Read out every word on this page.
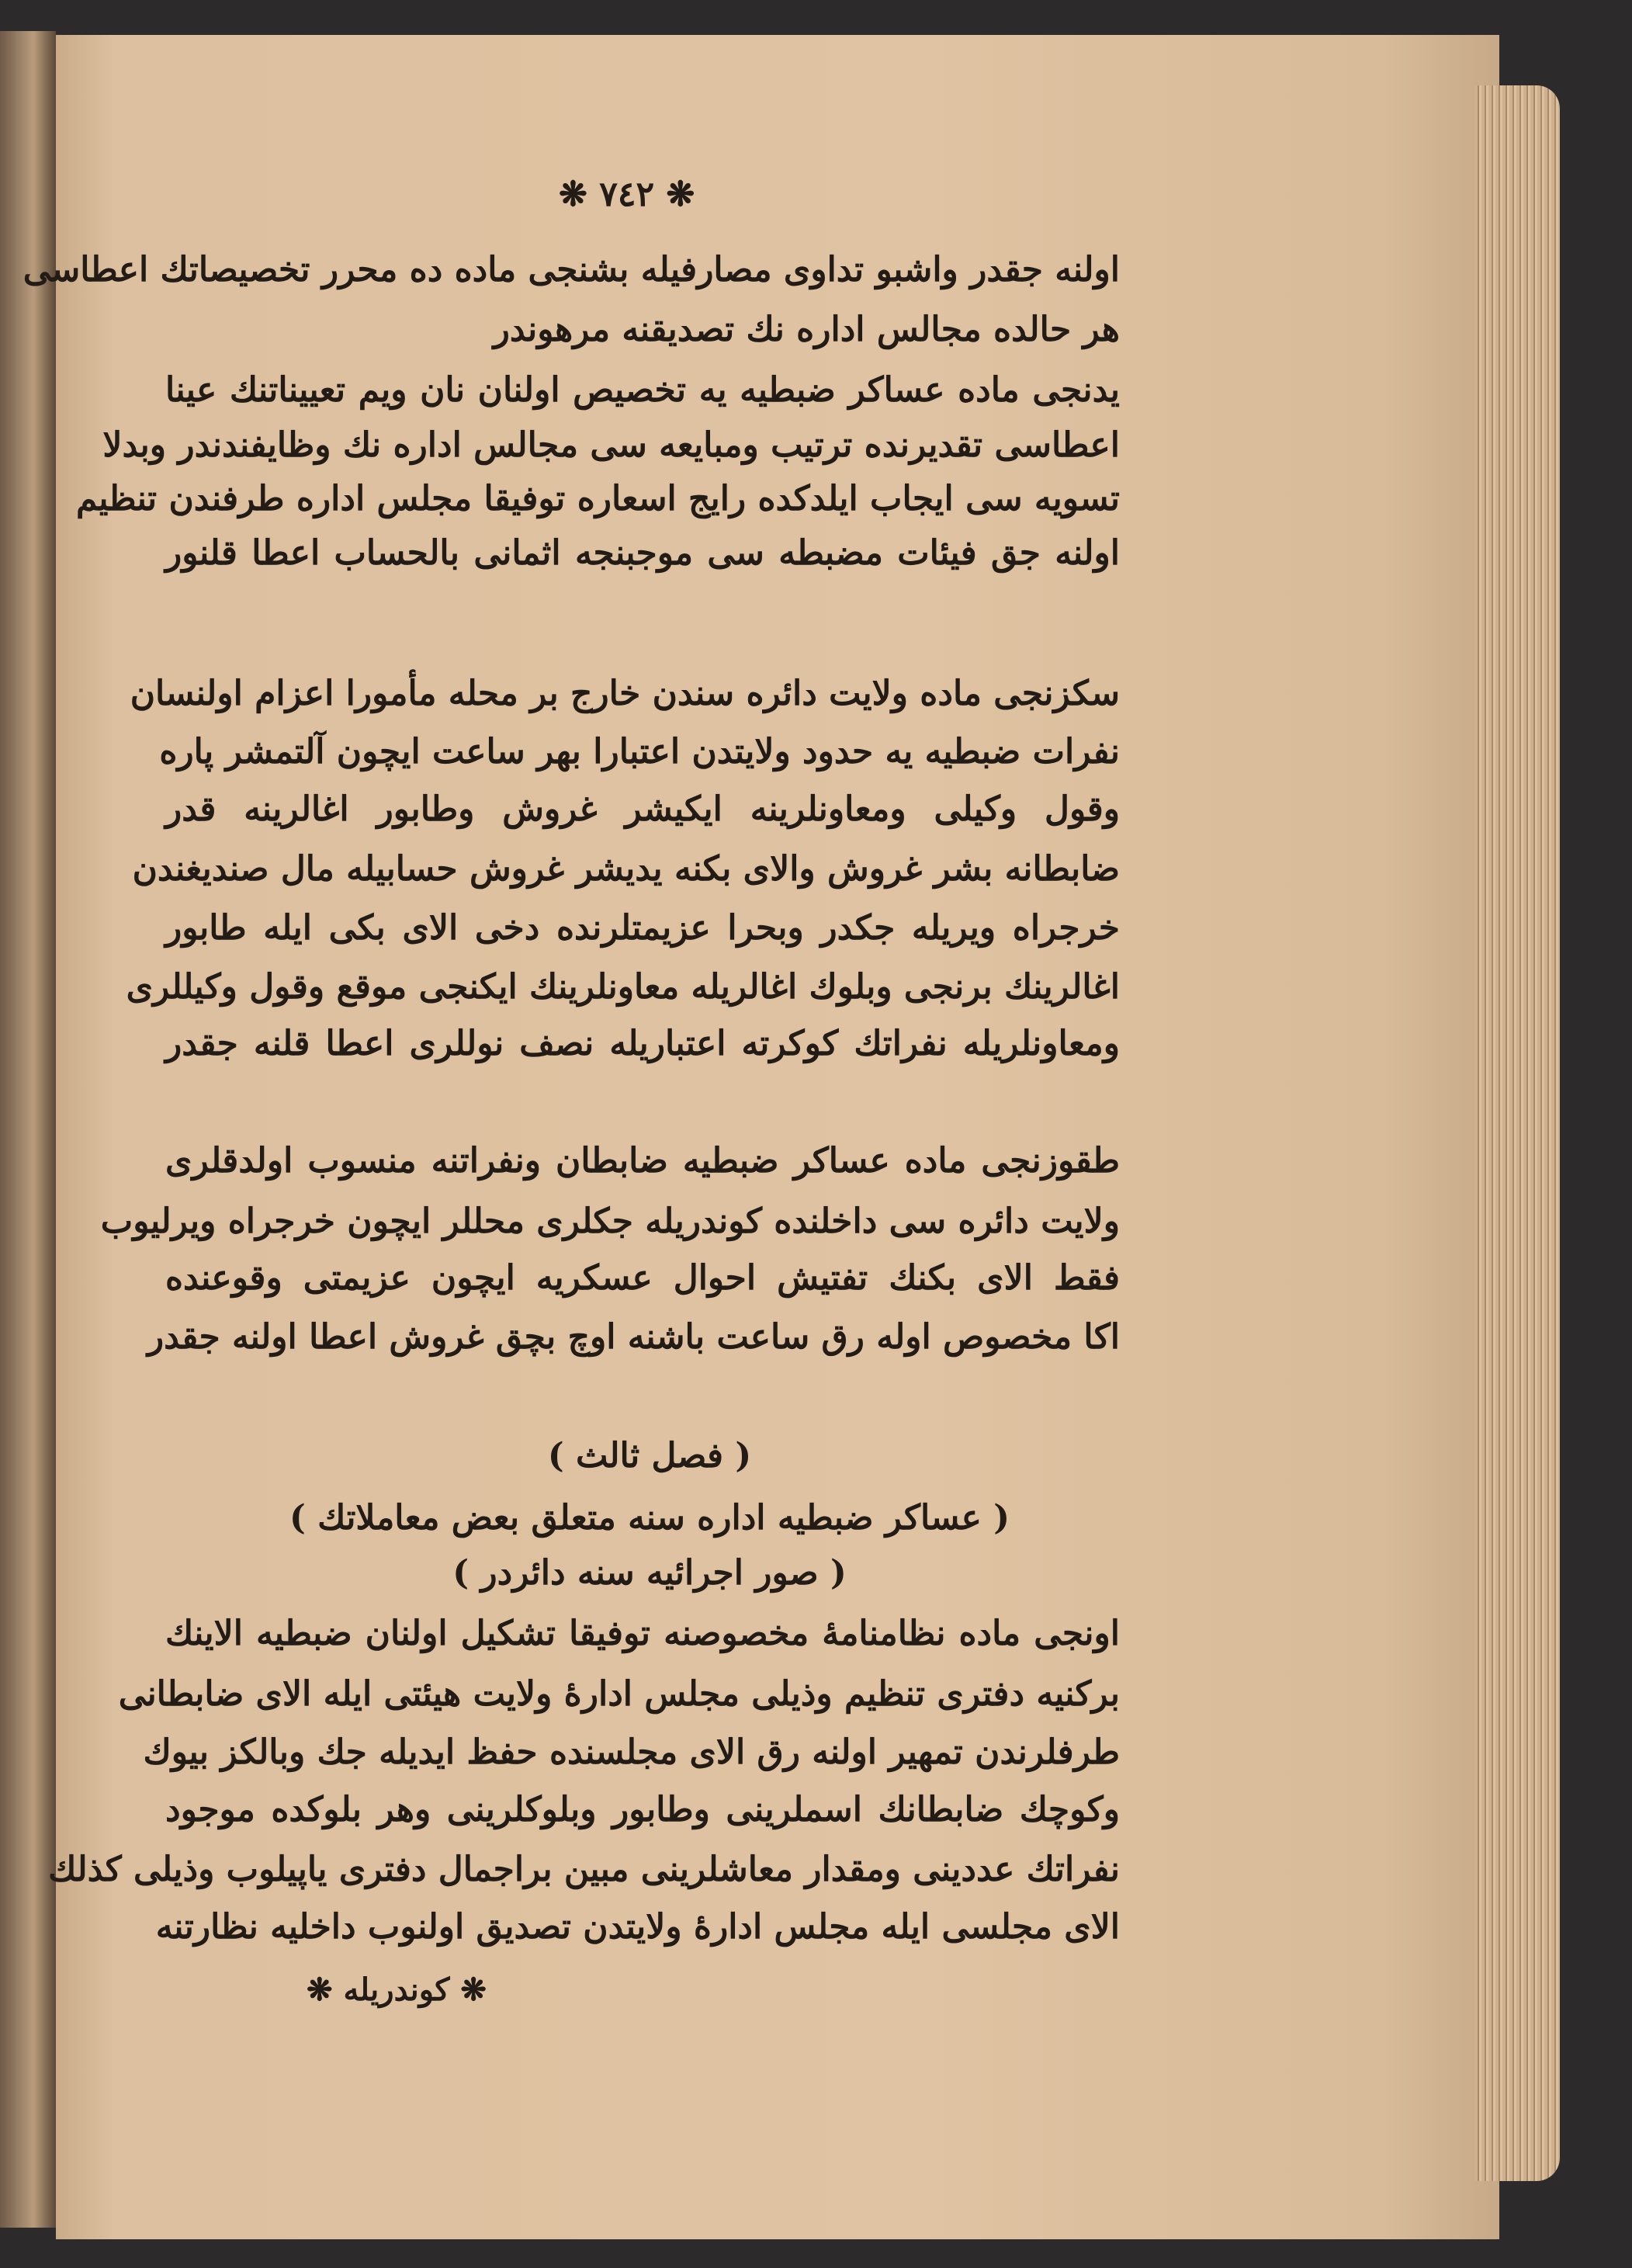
❋ ٧٤٢ ❋
اولنه جقدر واشبو تداوی مصارفیله بشنجی ماده ده محرر تخصیصاتك اعطاسی
هر حالده مجالس اداره نك تصدیقنه مرهوندر
یدنجی ماده عساکر ضبطیه یه تخصیص اولنان نان ویم تعییناتنك عینا
اعطاسی تقدیرنده ترتیب ومبایعه سی مجالس اداره نك وظایفندندر وبدلا
تسویه سی ایجاب ایلدکده رایج اسعاره توفیقا مجلس اداره طرفندن تنظیم
اولنه جق فیئات مضبطه سی موجبنجه اثمانی بالحساب اعطا قلنور
سکزنجی ماده ولایت دائره سندن خارج بر محله مأمورا اعزام اولنسان
نفرات ضبطیه یه حدود ولایتدن اعتبارا بهر ساعت ایچون آلتمشر پاره
وقول وکیلی ومعاونلرینه ایکیشر غروش وطابور اغالرینه قدر
ضابطانه بشر غروش والای بکنه یدیشر غروش حسابیله مال صندیغندن
خرجراه ویریله جکدر وبحرا عزیمتلرنده دخی الای بکی ایله طابور
اغالرینك برنجی وبلوك اغالریله معاونلرینك ایکنجی موقع وقول وکیللری
ومعاونلریله نفراتك کوکرته اعتباریله نصف نوللری اعطا قلنه جقدر
طقوزنجی ماده عساکر ضبطیه ضابطان ونفراتنه منسوب اولدقلری
ولایت دائره سی داخلنده کوندریله جکلری محللر ایچون خرجراه ویرلیوب
فقط الای بکنك تفتیش احوال عسکریه ایچون عزیمتی وقوعنده
اکا مخصوص اوله رق ساعت باشنه اوچ بچق غروش اعطا اولنه جقدر
( فصل ثالث )
( عساکر ضبطیه اداره سنه متعلق بعض معاملاتك )
( صور اجرائیه سنه دائردر )
اونجی ماده نظامنامهٔ مخصوصنه توفیقا تشکیل اولنان ضبطیه الاینك
برکنیه دفتری تنظیم وذیلی مجلس ادارهٔ ولایت هیئتی ایله الای ضابطانی
طرفلرندن تمهیر اولنه رق الای مجلسنده حفظ ایدیله جك وبالکز بیوك
وکوچك ضابطانك اسملرینی وطابور وبلوکلرینی وهر بلوکده موجود
نفراتك عددینی ومقدار معاشلرینی مبین براجمال دفتری یاپیلوب وذیلی کذلك
الای مجلسی ایله مجلس ادارهٔ ولایتدن تصدیق اولنوب داخلیه نظارتنه
❋ کوندریله ❋
